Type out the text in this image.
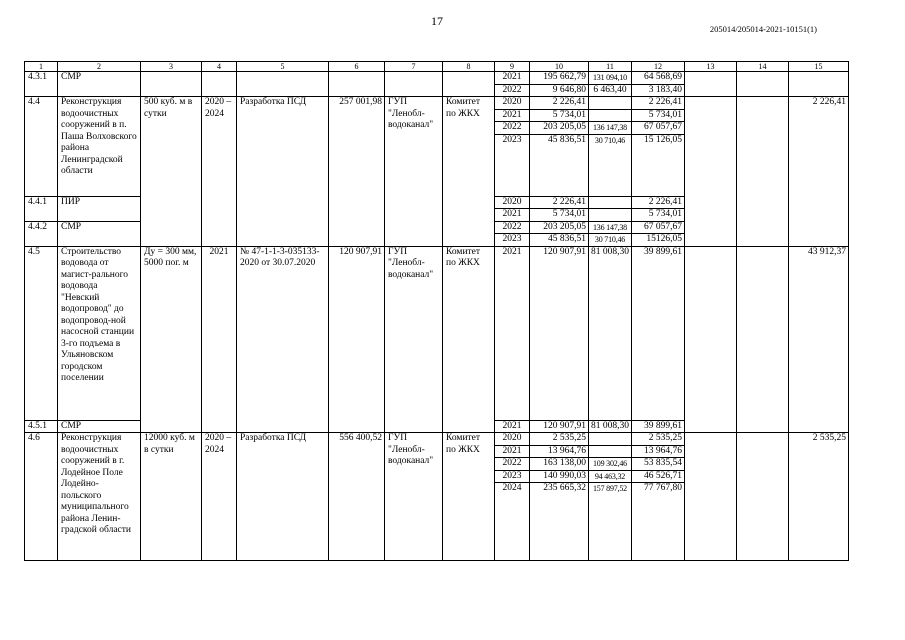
17
205014/205014-2021-10151(1)
1	2	3	4	5	6	7	8	9	10	11	12	13	14	15
4.3.1	СМР							2021	195 662,79	131 094,10	64 568,69			
								2022	9 646,80	6 463,40	3 183,40			
4.4	Реконструкция водоочистных сооружений в п. Паша Волховского района Ленинградской области	500 куб. м в сутки	2020 – 2024	Разработка ПСД	257 001,98	ГУП "Ленобл-водоканал"	Комитет по ЖКХ	2020	2 226,41		2 226,41			2 226,41
								2021	5 734,01		5 734,01			
								2022	203 205,05	136 147,38	67 057,67			
								2023	45 836,51	30 710,46	15 126,05			
4.4.1	ПИР							2020	2 226,41		2 226,41			
								2021	5 734,01		5 734,01			
4.4.2	СМР							2022	203 205,05	136 147,38	67 057,67			
								2023	45 836,51	30 710,46	15126,05			
4.5	Строительство водовода от магист-рального водовода "Невский водопровод" до водопровод-ной насосной станции 3-го подъема в Ульяновском городском поселении	Ду = 300 мм, 5000 пог. м	2021	№ 47-1-1-3-035133-2020 от 30.07.2020	120 907,91	ГУП "Ленобл-водоканал"	Комитет по ЖКХ	2021	120 907,91	81 008,30	39 899,61			43 912,37
4.5.1	СМР							2021	120 907,91	81 008,30	39 899,61			
4.6	Реконструкция водоочистных сооружений в г. Лодейное Поле Лодейно-польского муниципального района Ленин-градской области	12000 куб. м в сутки	2020 – 2024	Разработка ПСД	556 400,52	ГУП "Ленобл-водоканал"	Комитет по ЖКХ	2020	2 535,25		2 535,25			2 535,25
								2021	13 964,76		13 964,76			
								2022	163 138,00	109 302,46	53 835,54			
								2023	140 990,03	94 463,32	46 526,71			
								2024	235 665,32	157 897,52	77 767,80			
